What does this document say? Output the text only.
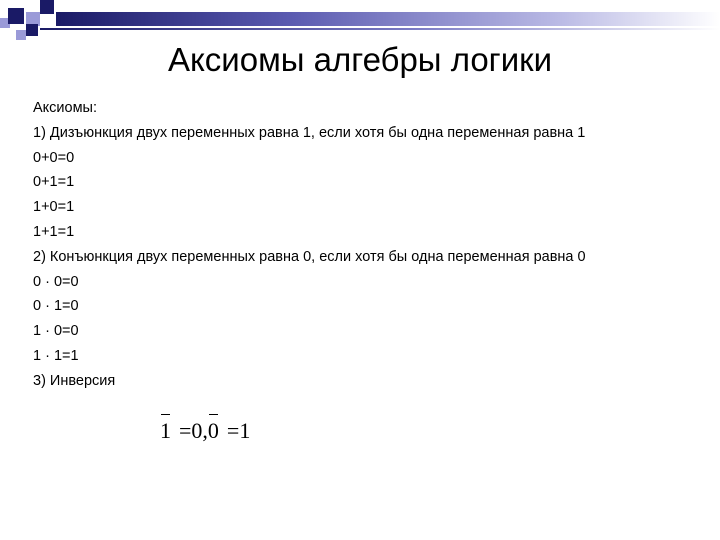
Аксиомы алгебры логики
Аксиомы:
1) Дизъюнкция двух переменных равна 1, если хотя бы одна переменная равна 1
0+0=0
0+1=1
1+0=1
1+1=1
2) Конъюнкция двух переменных равна 0, если хотя бы одна переменная равна 0
0 · 0=0
0 · 1=0
1 · 0=0
1 · 1=1
3) Инверсия
1 =0,0 =1
